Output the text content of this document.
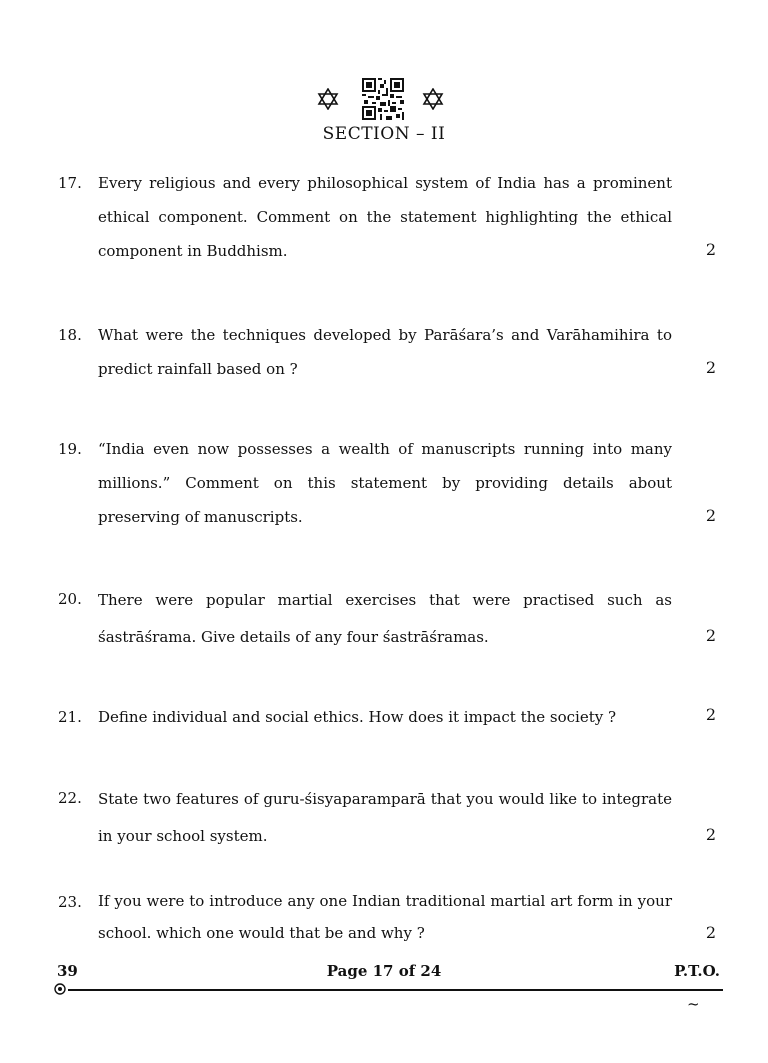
SECTION – II
17. Every religious and every philosophical system of India has a prominent ethical component. Comment on the statement highlighting the ethical component in Buddhism.	2
18. What were the techniques developed by Parāśara’s and Varāhamihira to predict rainfall based on ?	2
19. “India even now possesses a wealth of manuscripts running into many millions.” Comment on this statement by providing details about preserving of manuscripts.	2
20. There were popular martial exercises that were practised such as śastrāśrama. Give details of any four śastrāśramas.	2
21. Define individual and social ethics. How does it impact the society ?	2
22. State two features of guru-śisyaparamparā that you would like to integrate in your school system.	2
23. If you were to introduce any one Indian traditional martial art form in your school. which one would that be and why ?	2
39	Page 17 of 24	P.T.O.
~
